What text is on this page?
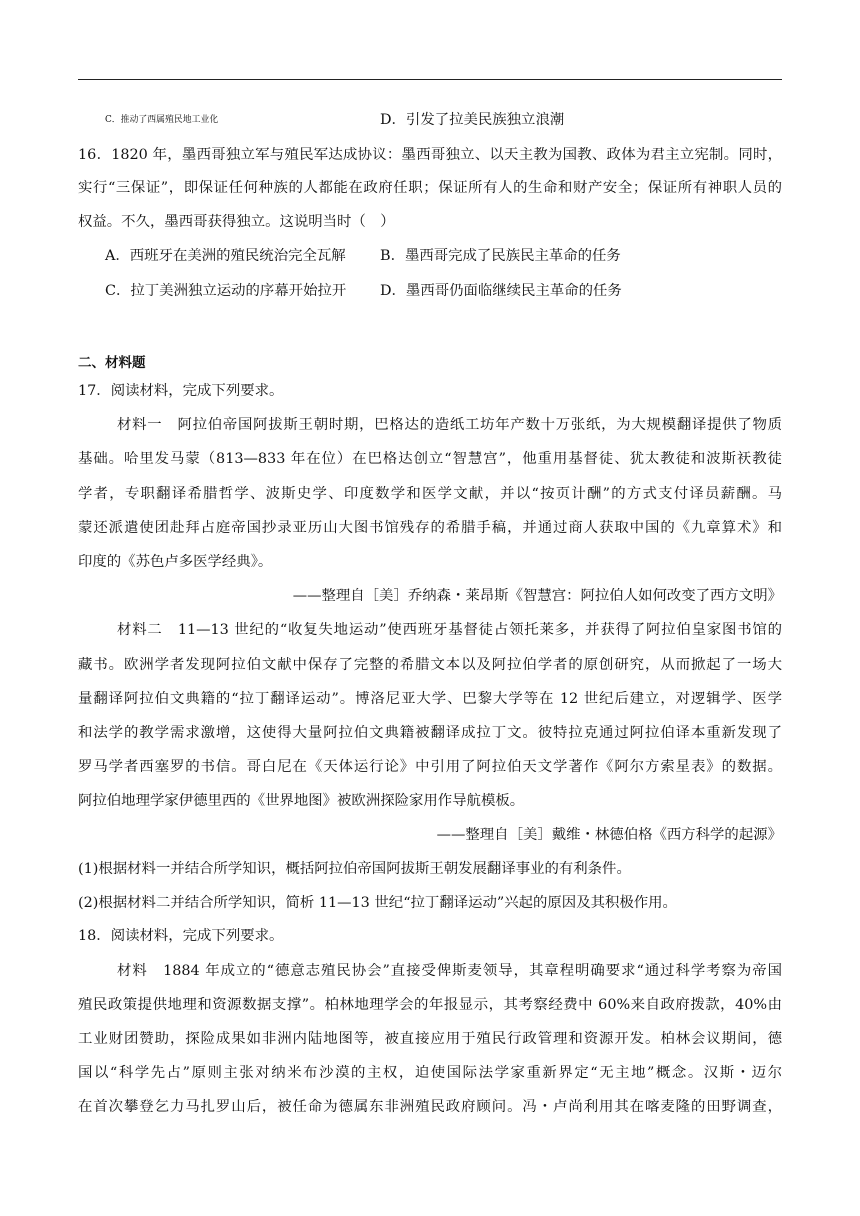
C．推动了西属殖民地工业化	D．引发了拉美民族独立浪潮
16．1820 年，墨西哥独立军与殖民军达成协议：墨西哥独立、以天主教为国教、政体为君主立宪制。同时，
实行“三保证”，即保证任何种族的人都能在政府任职；保证所有人的生命和财产安全；保证所有神职人员的
权益。不久，墨西哥获得独立。这说明当时（　）
A．西班牙在美洲的殖民统治完全瓦解 B．墨西哥完成了民族民主革命的任务
C．拉丁美洲独立运动的序幕开始拉开 D．墨西哥仍面临继续民主革命的任务
二、材料题
17．阅读材料，完成下列要求。
材料一　阿拉伯帝国阿拔斯王朝时期，巴格达的造纸工坊年产数十万张纸，为大规模翻译提供了物质
基础。哈里发马蒙（813—833 年在位）在巴格达创立“智慧宫”，他重用基督徒、犹太教徒和波斯祆教徒
学者，专职翻译希腊哲学、波斯史学、印度数学和医学文献，并以“按页计酬”的方式支付译员薪酬。马
蒙还派遣使团赴拜占庭帝国抄录亚历山大图书馆残存的希腊手稿，并通过商人获取中国的《九章算术》和
印度的《苏色卢多医学经典》。
——整理自［美］乔纳森・莱昂斯《智慧宫：阿拉伯人如何改变了西方文明》
材料二　11—13 世纪的“收复失地运动”使西班牙基督徒占领托莱多，并获得了阿拉伯皇家图书馆的
藏书。欧洲学者发现阿拉伯文献中保存了完整的希腊文本以及阿拉伯学者的原创研究，从而掀起了一场大
量翻译阿拉伯文典籍的“拉丁翻译运动”。博洛尼亚大学、巴黎大学等在 12 世纪后建立，对逻辑学、医学
和法学的教学需求激增，这使得大量阿拉伯文典籍被翻译成拉丁文。彼特拉克通过阿拉伯译本重新发现了
罗马学者西塞罗的书信。哥白尼在《天体运行论》中引用了阿拉伯天文学著作《阿尔方索星表》的数据。
阿拉伯地理学家伊德里西的《世界地图》被欧洲探险家用作导航模板。
——整理自［美］戴维・林德伯格《西方科学的起源》
(1)根据材料一并结合所学知识，概括阿拉伯帝国阿拔斯王朝发展翻译事业的有利条件。
(2)根据材料二并结合所学知识，简析 11—13 世纪“拉丁翻译运动”兴起的原因及其积极作用。
18．阅读材料，完成下列要求。
材料　1884 年成立的“德意志殖民协会”直接受俾斯麦领导，其章程明确要求“通过科学考察为帝国
殖民政策提供地理和资源数据支撑”。柏林地理学会的年报显示，其考察经费中 60%来自政府拨款，40%由
工业财团赞助，探险成果如非洲内陆地图等，被直接应用于殖民行政管理和资源开发。柏林会议期间，德
国以“科学先占”原则主张对纳米布沙漠的主权，迫使国际法学家重新界定“无主地”概念。汉斯・迈尔
在首次攀登乞力马扎罗山后，被任命为德属东非洲殖民政府顾问。冯・卢尚利用其在喀麦隆的田野调查，
